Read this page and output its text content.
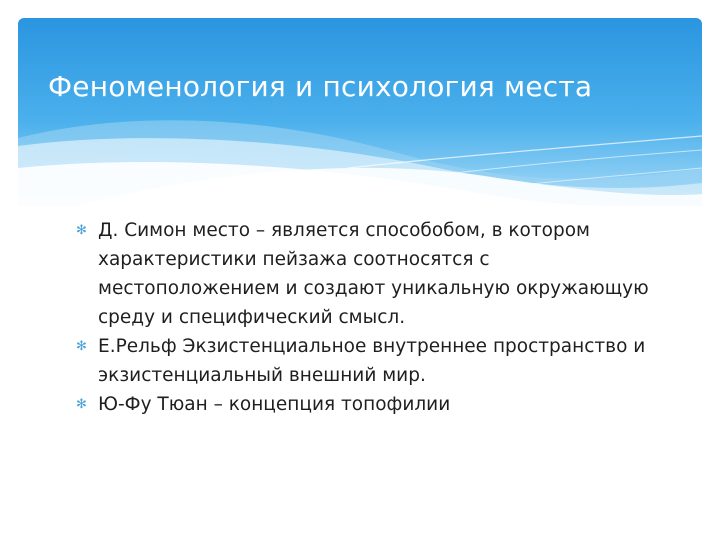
Феноменология и психология места
✻ Д. Симон место – является способобом, в котором характеристики пейзажа соотносятся с местоположением и создают уникальную окружающую среду и специфический смысл.
✻ Е.Рельф Экзистенциальное внутреннее пространство и экзистенциальный внешний мир.
✻ Ю-Фу Тюан – концепция топофилии
